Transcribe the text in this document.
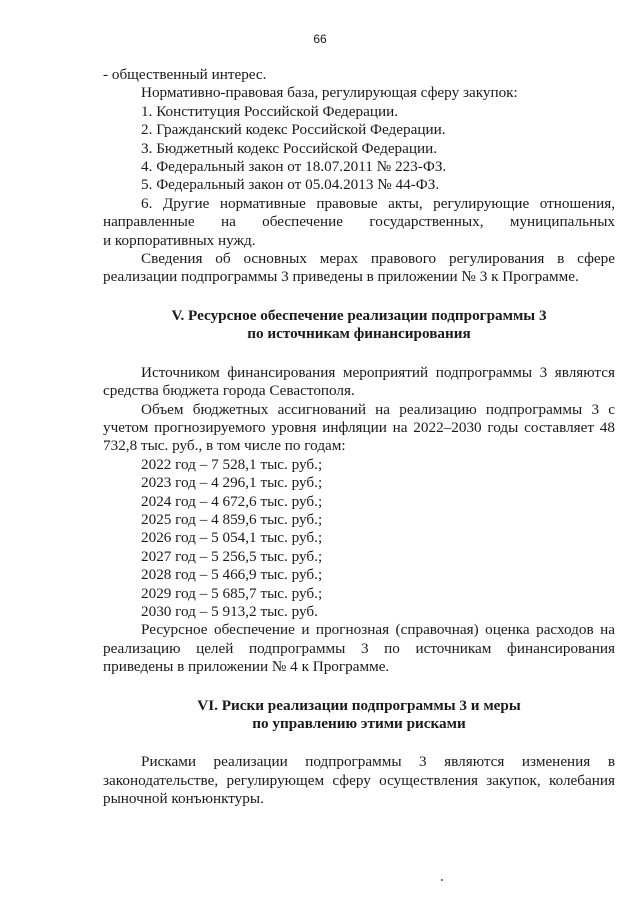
66

- общественный интерес.

Нормативно-правовая база, регулирующая сферу закупок:

1. Конституция Российской Федерации.
2. Гражданский кодекс Российской Федерации.
3. Бюджетный кодекс Российской Федерации.
4. Федеральный закон от 18.07.2011 № 223-ФЗ.
5. Федеральный закон от 05.04.2013 № 44-ФЗ.

6. Другие нормативные правовые акты, регулирующие отношения,

направленные на обеспечение государственных, муниципальных

и корпоративных нужд.

Сведения об основных мерах правового регулирования в сфере реализации подпрограммы 3 приведены в приложении № 3 к Программе.

V. Ресурсное обеспечение реализации подпрограммы 3

по источникам финансирования

Источником финансирования мероприятий подпрограммы 3 являются средства бюджета города Севастополя.

Объем бюджетных ассигнований на реализацию подпрограммы 3 с учетом прогнозируемого уровня инфляции на 2022–2030 годы составляет 48 732,8 тыс. руб., в том числе по годам:

2022 год – 7 528,1 тыс. руб.;
2023 год – 4 296,1 тыс. руб.;
2024 год – 4 672,6 тыс. руб.;
2025 год – 4 859,6 тыс. руб.;
2026 год – 5 054,1 тыс. руб.;
2027 год – 5 256,5 тыс. руб.;
2028 год – 5 466,9 тыс. руб.;
2029 год – 5 685,7 тыс. руб.;
2030 год – 5 913,2 тыс. руб.

Ресурсное обеспечение и прогнозная (справочная) оценка расходов на реализацию целей подпрограммы 3 по источникам финансирования приведены в приложении № 4 к Программе.

VI. Риски реализации подпрограммы 3 и меры

по управлению этими рисками

Рисками реализации подпрограммы 3 являются изменения в законодательстве, регулирующем сферу осуществления закупок, колебания рыночной конъюнктуры.
